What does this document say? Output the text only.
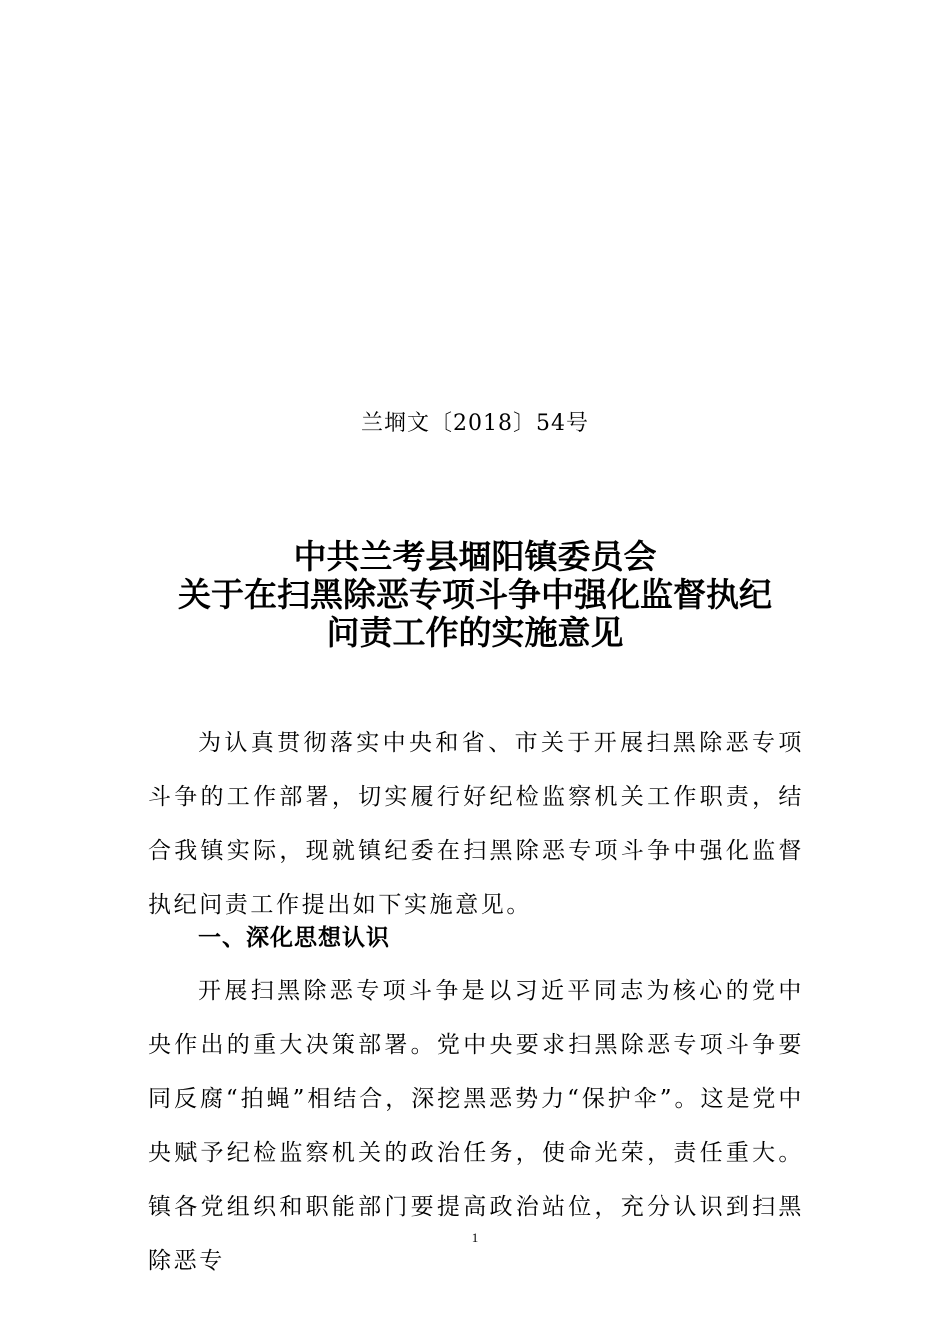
兰埛文〔2018〕54号
中共兰考县堌阳镇委员会
关于在扫黑除恶专项斗争中强化监督执纪
问责工作的实施意见
为认真贯彻落实中央和省、市关于开展扫黑除恶专项斗争的工作部署，切实履行好纪检监察机关工作职责，结合我镇实际，现就镇纪委在扫黑除恶专项斗争中强化监督执纪问责工作提出如下实施意见。
一、深化思想认识
开展扫黑除恶专项斗争是以习近平同志为核心的党中央作出的重大决策部署。党中央要求扫黑除恶专项斗争要同反腐“拍蝇”相结合，深挖黑恶势力“保护伞”。这是党中央赋予纪检监察机关的政治任务，使命光荣，责任重大。镇各党组织和职能部门要提高政治站位，充分认识到扫黑除恶专
1
